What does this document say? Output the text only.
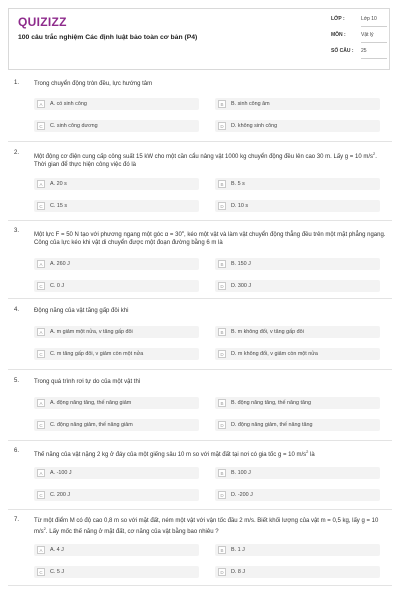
QUIZIZZ
100 câu trắc nghiệm Các định luật bảo toàn cơ bản (P4)
LỚP :	Lớp 10
MÔN :	Vật lý
SỐ CÂU : 25
1. Trong chuyển động tròn đều, lực hướng tâm
A	A. có sinh công	B	B. sinh công âm
C	C. sinh công dương	D	D. không sinh công
2.
Một động cơ điện cung cấp công suất 15 kW cho một cần cẩu nâng vật 1000 kg chuyển động đều lên cao 30 m. Lấy g = 10 $m/s^2$. Thời gian để thực hiện công việc đó là
A	A. 20 s	B	B. 5 s
C	C. 15 s	D	D. 10 s
3.
Một lực F = 50 N tạo với phương ngang một góc $\alpha = 30^o$, kéo một vật và làm vật chuyển động thẳng đều trên một mặt phẳng ngang. Công của lực kéo khi vật di chuyển được một đoạn đường bằng 6 m là
A	A. 260 J	B	B. 150 J
C	C. 0 J	D	D. 300 J
4. Động năng của vật tăng gấp đôi khi
A	A. m giảm một nửa, v tăng gấp đôi	B	B. m không đổi, v tăng gấp đôi
C	C. m tăng gấp đôi, v giảm còn một nửa	D	D. m không đổi, v giảm còn một nửa
5. Trong quá trình rơi tự do của một vật thì
A	A. động năng tăng, thế năng giảm	B	B. động năng tăng, thế năng tăng
C	C. động năng giảm, thế năng giảm	D	D. động năng giảm, thế năng tăng
6.
Thế năng của vật nặng 2 kg ở đáy của một giếng sâu 10 m so với mặt đất tại nơi có gia tốc g = 10 $m/s^2$ là
A	A. -100 J	B	B. 100 J
C	C. 200 J	D	D. -200 J
7. Từ một điểm M có độ cao 0,8 m so với mặt đất, ném một vật với vận tốc đầu 2 m/s. Biết khối lượng của vật m = 0,5 kg, lấy g = 10 $m/s^2$. Lấy mốc thế năng ở mặt đất, cơ năng của vật bằng bao nhiêu ?
A	A. 4 J	B	B. 1 J
C	C. 5 J	D	D. 8 J
